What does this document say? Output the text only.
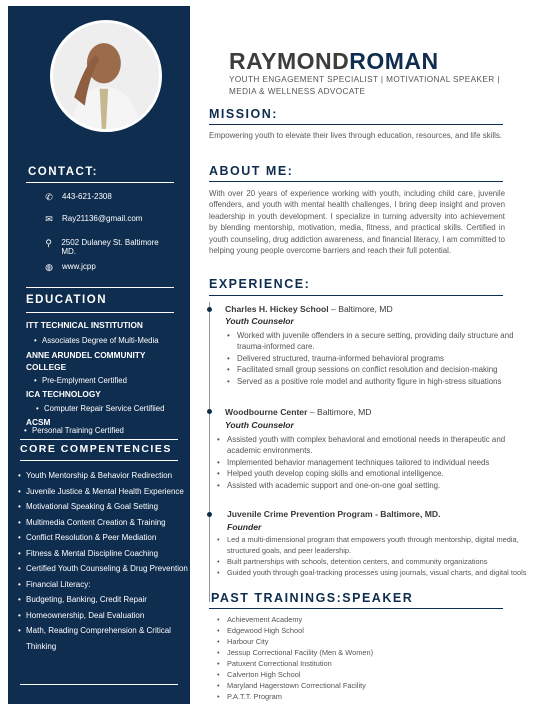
CONTACT:
✆ 443-621-2308
✉ Ray21136@gmail.com
⚲ 2502 Dulaney St. Baltimore MD.
◍ www.jcpp
EDUCATION
ITT TECHNICAL INSTITUTION
• Associates Degree of Multi-Media
ANNE ARUNDEL COMMUNITY COLLEGE
• Pre-Emplyment Certified
ICA TECHNOLOGY
• Computer Repair Service Certifiied
ACSM
• Personal Training Certified
CORE COMPENTENCIES
• Youth Mentorship & Behavior Redirection
• Juvenile Justice & Mental Health Experience
• Motivational Speaking & Goal Setting
• Multimedia Content Creation & Training
• Conflict Resolution & Peer Mediation
• Fitness & Mental Discipline Coaching
• Certified Youth Counseling & Drug Prevention
• Financial Literacy:
• Budgeting, Banking, Credit Repair
• Homeownership, Deal Evaluation
• Math, Reading Comprehension & Critical Thinking
RAYMONDROMAN
YOUTH ENGAGEMENT SPECIALIST | MOTIVATIONAL SPEAKER | MEDIA & WELLNESS ADVOCATE
MISSION:
Empowering youth to elevate their lives through education, resources, and life skills.
ABOUT ME:
With over 20 years of experience working with youth, including child care, juvenile offenders, and youth with mental health challenges, I bring deep insight and proven leadership in youth development. I specialize in turning adversity into achievement by blending mentorship, motivation, media, fitness, and practical skills. Certified in youth counseling, drug addiction awareness, and financial literacy, I am committed to helping young people overcome barriers and reach their full potential.
EXPERIENCE:
Charles H. Hickey School – Baltimore, MD
Youth Counselor
• Worked with juvenile offenders in a secure setting, providing daily structure and trauma-informed care.
• Delivered structured, trauma-informed behavioral programs
• Facilitated small group sessions on conflict resolution and decision-making
• Served as a positive role model and authority figure in high-stress situations
Woodbourne Center – Baltimore, MD
Youth Counselor
• Assisted youth with complex behavioral and emotional needs in therapeutic and academic environments.
• Implemented behavior management techniques tailored to individual needs
• Helped youth develop coping skills and emotional intelligence.
• Assisted with academic support and one-on-one goal setting.
Juvenile Crime Prevention Program - Baltimore, MD.
Founder
• Led a multi-dimensional program that empowers youth through mentorship, digital media, structured goals, and peer leadership.
• Built partnerships with schools, detention centers, and community organizations
• Guided youth through goal-tracking processes using journals, visual charts, and digital tools
PAST TRAININGS:SPEAKER
• Achievement Academy
• Edgewood High School
• Harbour City
• Jessup Correctional Facility (Men & Women)
• Patuxent Correctional Institution
• Calverton High School
• Maryland Hagerstown Correctional Facility
• P.A.T.T. Program
